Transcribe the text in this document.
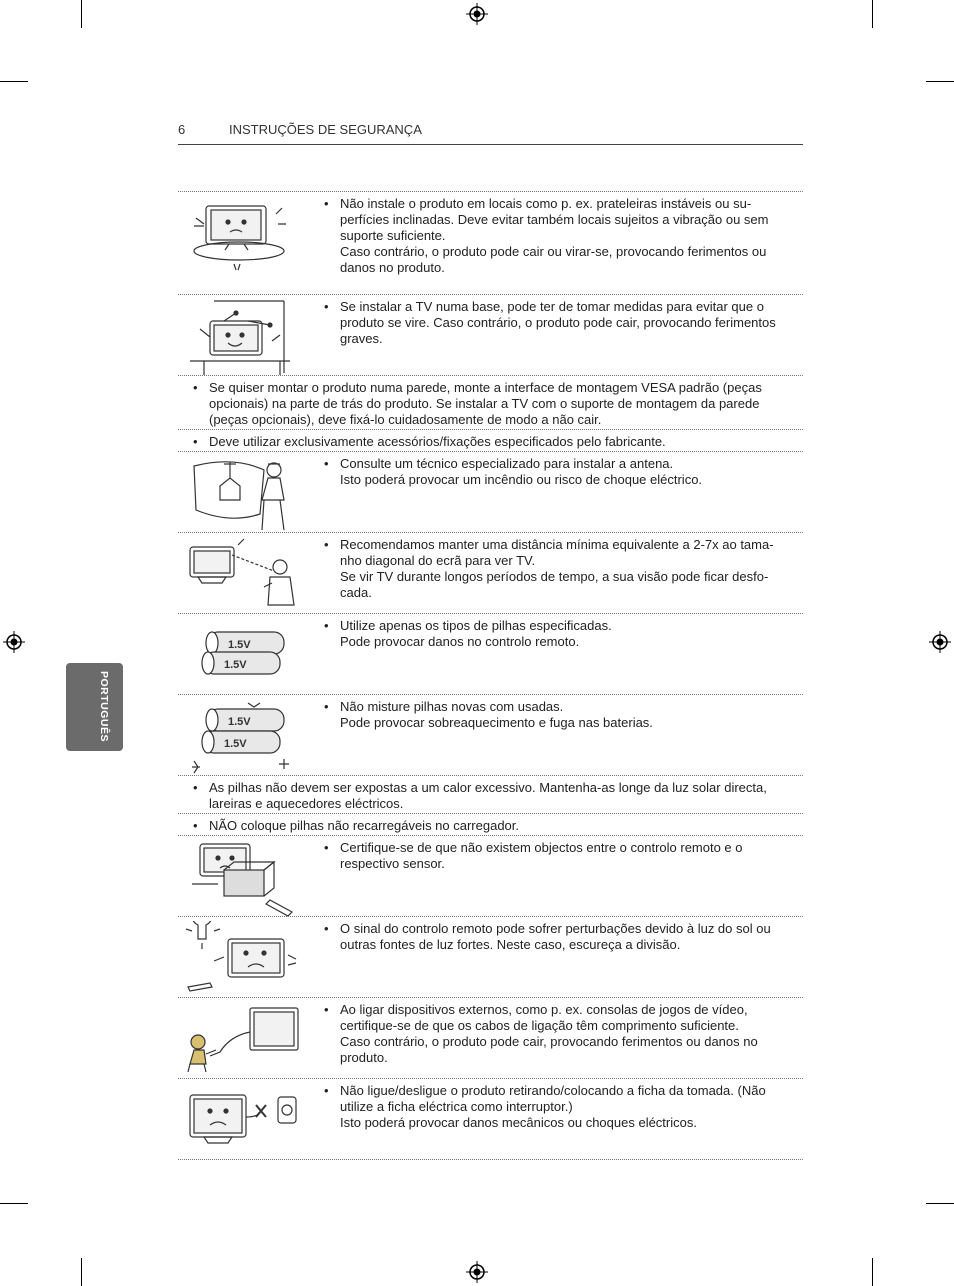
6	INSTRUÇÕES DE SEGURANÇA
PORTUGUÊS
• Não instale o produto em locais como p. ex. prateleiras instáveis ou su-

perfícies inclinadas. Deve evitar também locais sujeitos a vibração ou sem

suporte suficiente.

Caso contrário, o produto pode cair ou virar-se, provocando ferimentos ou

danos no produto.

• Se instalar a TV numa base, pode ter de tomar medidas para evitar que o

produto se vire. Caso contrário, o produto pode cair, provocando ferimentos

graves.

• Se quiser montar o produto numa parede, monte a interface de montagem VESA padrão (peças

opcionais) na parte de trás do produto. Se instalar a TV com o suporte de montagem da parede

(peças opcionais), deve fixá-lo cuidadosamente de modo a não cair.

• Deve utilizar exclusivamente acessórios/fixações especificados pelo fabricante.

• Consulte um técnico especializado para instalar a antena.

Isto poderá provocar um incêndio ou risco de choque eléctrico.

• Recomendamos manter uma distância mínima equivalente a 2-7x ao tama-

nho diagonal do ecrã para ver TV.

Se vir TV durante longos períodos de tempo, a sua visão pode ficar desfo-

cada.

1.5V
1.5V
• Utilize apenas os tipos de pilhas especificadas.

Pode provocar danos no controlo remoto.

1.5V
1.5V
• Não misture pilhas novas com usadas.

Pode provocar sobreaquecimento e fuga nas baterias.

• As pilhas não devem ser expostas a um calor excessivo. Mantenha-as longe da luz solar directa,

lareiras e aquecedores eléctricos.

• NÃO coloque pilhas não recarregáveis no carregador.

• Certifique-se de que não existem objectos entre o controlo remoto e o

respectivo sensor.

• O sinal do controlo remoto pode sofrer perturbações devido à luz do sol ou

outras fontes de luz fortes. Neste caso, escureça a divisão.

• Ao ligar dispositivos externos, como p. ex. consolas de jogos de vídeo,

certifique-se de que os cabos de ligação têm comprimento suficiente.

Caso contrário, o produto pode cair, provocando ferimentos ou danos no

produto.

• Não ligue/desligue o produto retirando/colocando a ficha da tomada. (Não

utilize a ficha eléctrica como interruptor.)

Isto poderá provocar danos mecânicos ou choques eléctricos.
